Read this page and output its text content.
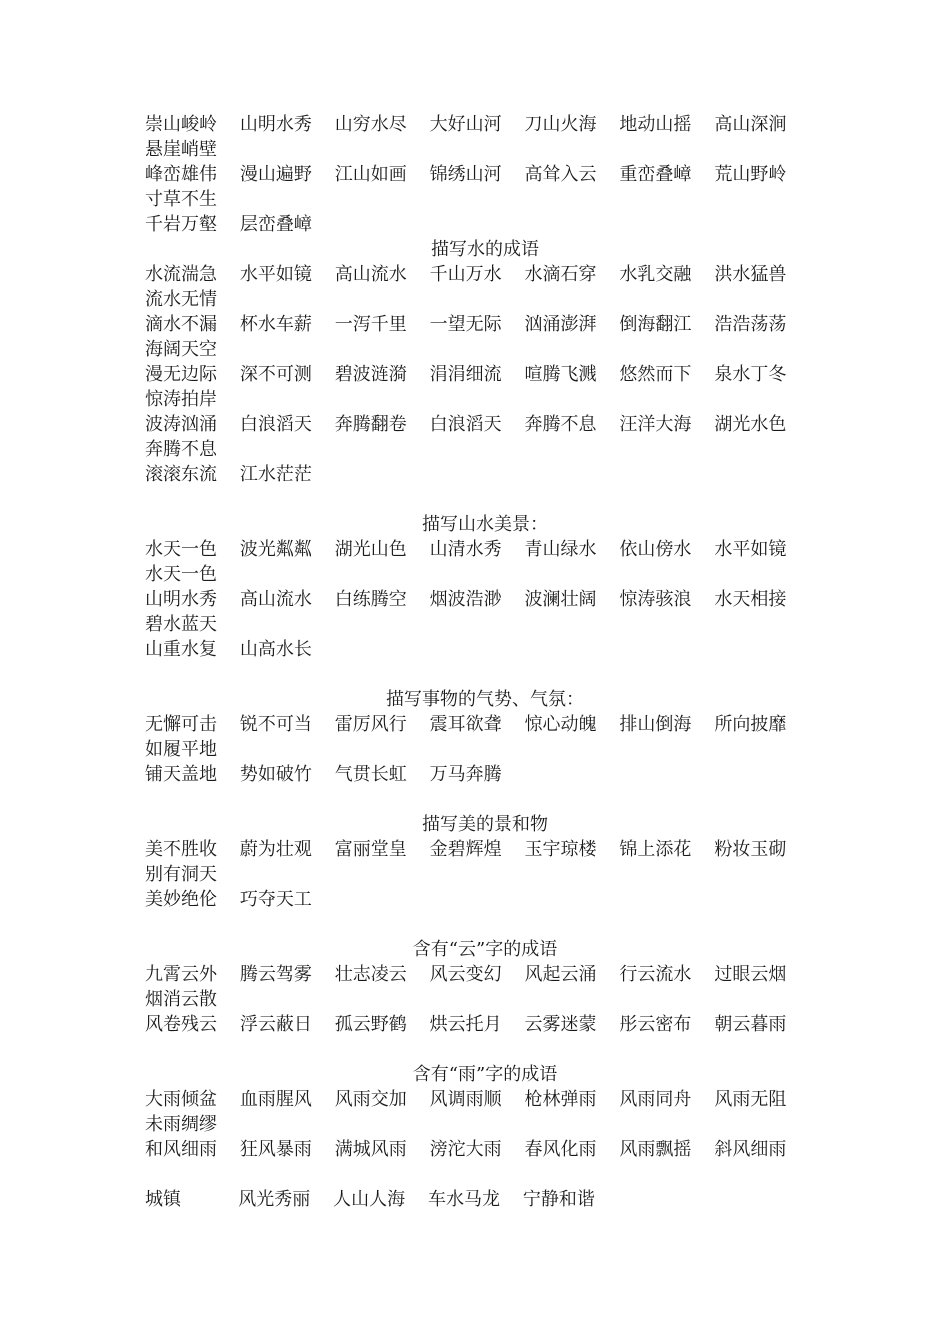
崇山峻岭    山明水秀    山穷水尽    大好山河    刀山火海    地动山摇    高山深涧
悬崖峭壁
峰峦雄伟    漫山遍野    江山如画    锦绣山河    高耸入云    重峦叠嶂    荒山野岭
寸草不生
千岩万壑    层峦叠嶂
描写水的成语
水流湍急    水平如镜    高山流水    千山万水    水滴石穿    水乳交融    洪水猛兽
流水无情
滴水不漏    杯水车薪    一泻千里    一望无际    汹涌澎湃    倒海翻江    浩浩荡荡
海阔天空
漫无边际    深不可测    碧波涟漪    涓涓细流    喧腾飞溅    悠然而下    泉水丁冬
惊涛拍岸
波涛汹涌    白浪滔天    奔腾翻卷    白浪滔天    奔腾不息    汪洋大海    湖光水色
奔腾不息
滚滚东流    江水茫茫
描写山水美景：
水天一色    波光粼粼    湖光山色    山清水秀    青山绿水    依山傍水    水平如镜
水天一色
山明水秀    高山流水    白练腾空    烟波浩渺    波澜壮阔    惊涛骇浪    水天相接
碧水蓝天
山重水复    山高水长
描写事物的气势、气氛：
无懈可击    锐不可当    雷厉风行    震耳欲聋    惊心动魄    排山倒海    所向披靡
如履平地
铺天盖地    势如破竹    气贯长虹    万马奔腾
描写美的景和物
美不胜收    蔚为壮观    富丽堂皇    金碧辉煌    玉宇琼楼    锦上添花    粉妆玉砌
别有洞天
美妙绝伦    巧夺天工
含有“云”字的成语
九霄云外    腾云驾雾    壮志凌云    风云变幻    风起云涌    行云流水    过眼云烟
烟消云散
风卷残云    浮云蔽日    孤云野鹤    烘云托月    云雾迷蒙    彤云密布    朝云暮雨
含有“雨”字的成语
大雨倾盆    血雨腥风    风雨交加    风调雨顺    枪林弹雨    风雨同舟    风雨无阻
未雨绸缪
和风细雨    狂风暴雨    满城风雨    滂沱大雨    春风化雨    风雨飘摇    斜风细雨
城镇          风光秀丽    人山人海    车水马龙    宁静和谐
